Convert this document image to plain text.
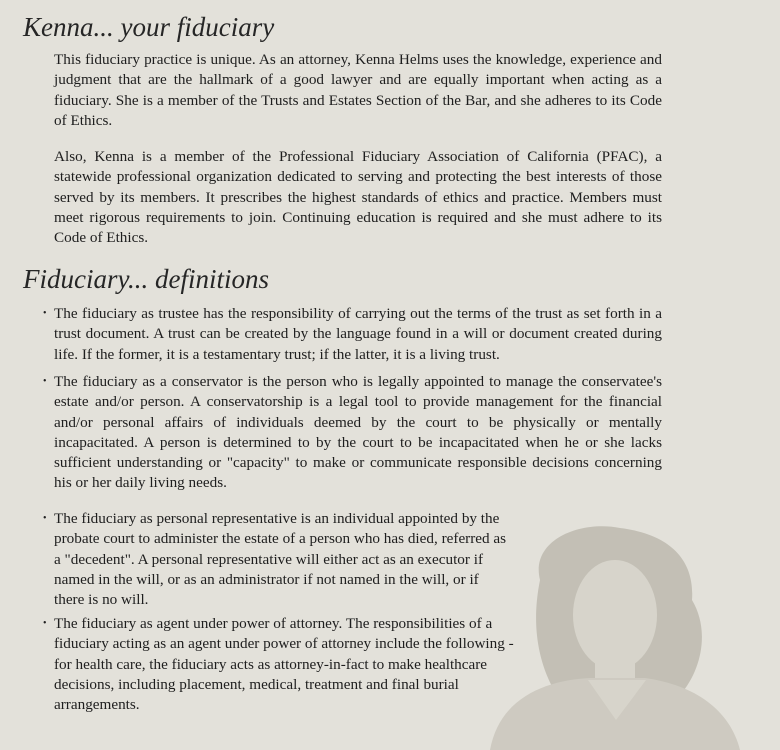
Kenna... your fiduciary

This fiduciary practice is unique. As an attorney, Kenna Helms uses the knowledge, experience and judgment that are the hallmark of a good lawyer and are equally important when acting as a fiduciary. She is a member of the Trusts and Estates Section of the Bar, and she adheres to its Code of Ethics.

Also, Kenna is a member of the Professional Fiduciary Association of California (PFAC), a statewide professional organization dedicated to serving and protecting the best interests of those served by its members. It prescribes the highest standards of ethics and practice. Members must meet rigorous requirements to join. Continuing education is required and she must adhere to its Code of Ethics.

Fiduciary... definitions

• The fiduciary as trustee has the responsibility of carrying out the terms of the trust as set forth in a trust document. A trust can be created by the language found in a will or document created during life. If the former, it is a testamentary trust; if the latter, it is a living trust.

• The fiduciary as a conservator is the person who is legally appointed to manage the conservatee's estate and/or person. A conservatorship is a legal tool to provide management for the financial and/or personal affairs of individuals deemed by the court to be physically or mentally incapacitated. A person is determined to by the court to be incapacitated when he or she lacks sufficient understanding or "capacity" to make or communicate responsible decisions concerning his or her daily living needs.

• The fiduciary as personal representative is an individual appointed by the probate court to administer the estate of a person who has died, referred as a "decedent". A personal representative will either act as an executor if named in the will, or as an administrator if not named in the will, or if there is no will.

• The fiduciary as agent under power of attorney. The responsibilities of a fiduciary acting as an agent under power of attorney include the following - for health care, the fiduciary acts as attorney-in-fact to make healthcare decisions, including placement, medical, treatment and final burial arrangements.
